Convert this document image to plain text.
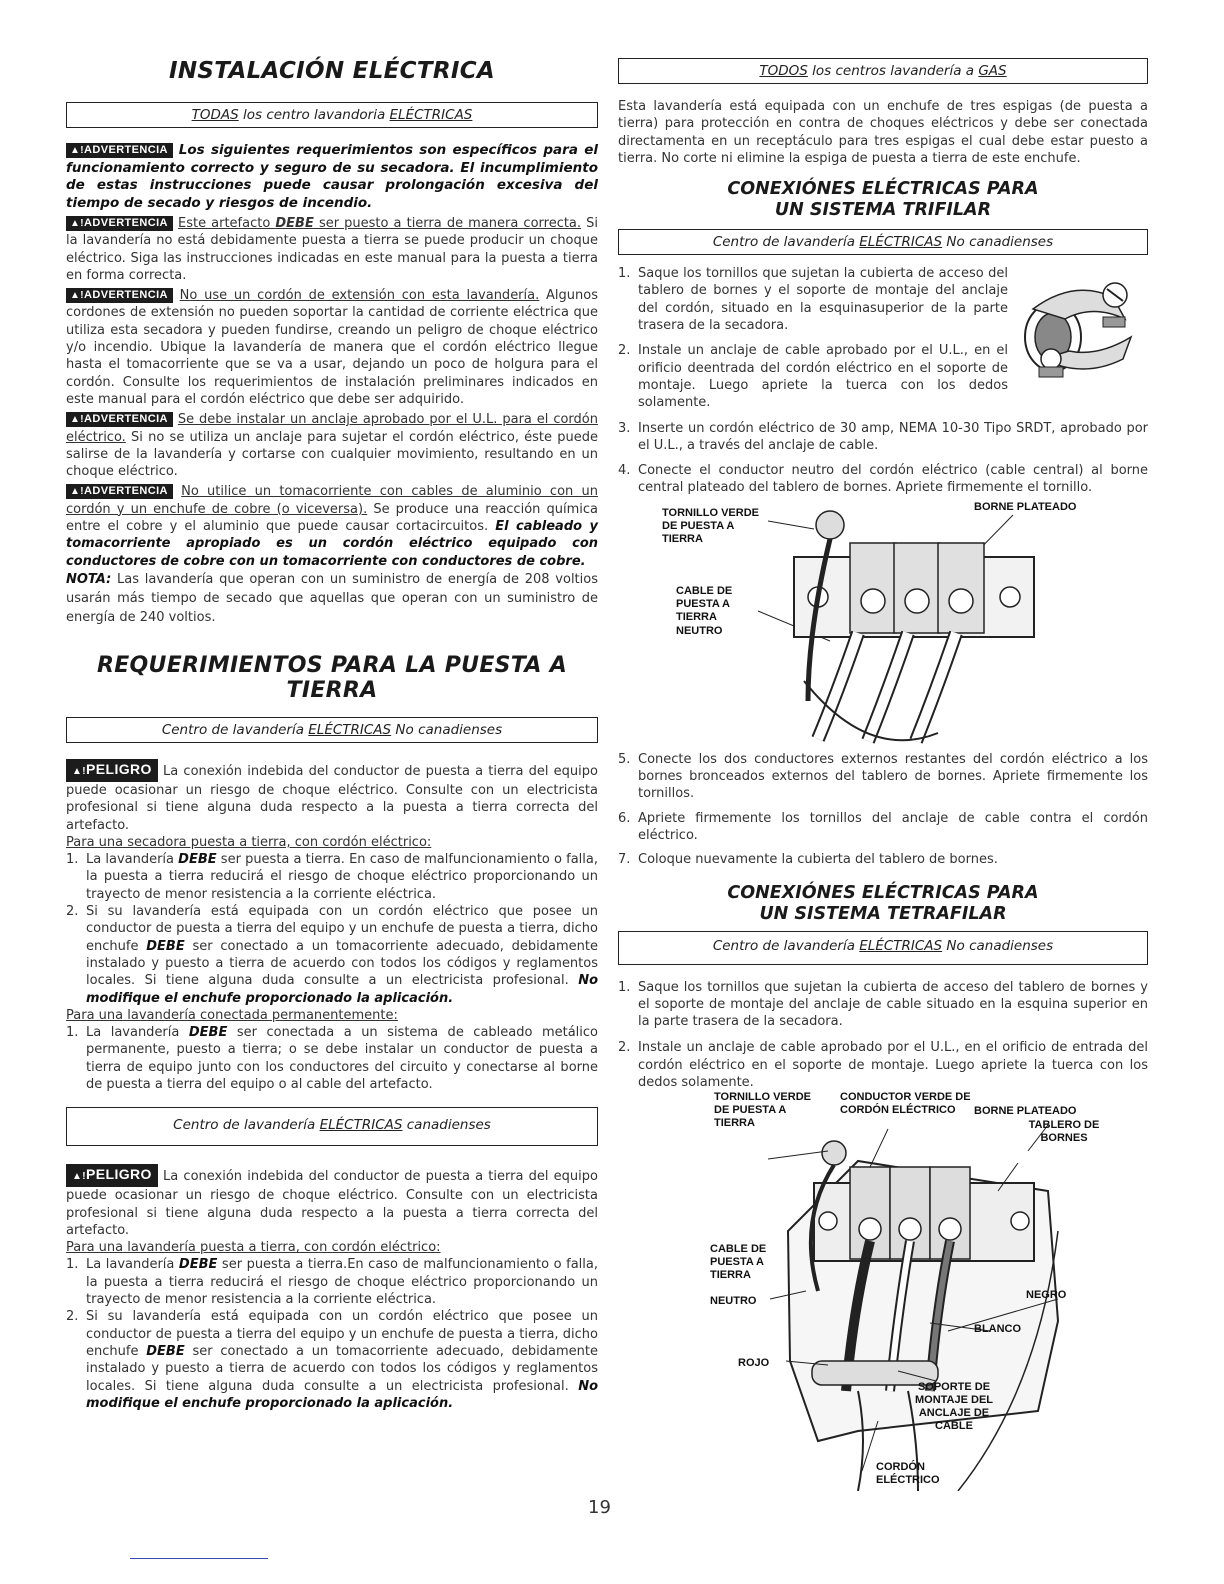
INSTALACIÓN ELÉCTRICA
TODAS los centro lavandoria ELÉCTRICAS

▲!ADVERTENCIA Los siguientes requerimientos son específicos para el funcionamiento correcto y seguro de su secadora. El incumplimiento de estas instrucciones puede causar prolongación excesiva del tiempo de secado y riesgos de incendio.

▲!ADVERTENCIA Este artefacto DEBE ser puesto a tierra de manera correcta. Si la lavandería no está debidamente puesta a tierra se puede producir un choque eléctrico. Siga las instrucciones indicadas en este manual para la puesta a tierra en forma correcta.

▲!ADVERTENCIA No use un cordón de extensión con esta lavandería. Algunos cordones de extensión no pueden soportar la cantidad de corriente eléctrica que utiliza esta secadora y pueden fundirse, creando un peligro de choque eléctrico y/o incendio. Ubique la lavandería de manera que el cordón eléctrico llegue hasta el tomacorriente que se va a usar, dejando un poco de holgura para el cordón. Consulte los requerimientos de instalación preliminares indicados en este manual para el cordón eléctrico que debe ser adquirido.

▲!ADVERTENCIA Se debe instalar un anclaje aprobado por el U.L. para el cordón eléctrico. Si no se utiliza un anclaje para sujetar el cordón eléctrico, éste puede salirse de la lavandería y cortarse con cualquier movimiento, resultando en un choque eléctrico.

▲!ADVERTENCIA No utilice un tomacorriente con cables de aluminio con un cordón y un enchufe de cobre (o viceversa). Se produce una reacción química entre el cobre y el aluminio que puede causar cortacircuitos. El cableado y tomacorriente apropiado es un cordón eléctrico equipado con conductores de cobre con un tomacorriente con conductores de cobre.

NOTA: Las lavandería que operan con un suministro de energía de 208 voltios usarán más tiempo de secado que aquellas que operan con un suministro de energía de 240 voltios.

REQUERIMIENTOS PARA LA PUESTA A TIERRA
Centro de lavandería ELÉCTRICAS No canadienses

▲!PELIGRO La conexión indebida del conductor de puesta a tierra del equipo puede ocasionar un riesgo de choque eléctrico. Consulte con un electricista profesional si tiene alguna duda respecto a la puesta a tierra correcta del artefacto.

Para una secadora puesta a tierra, con cordón eléctrico:

1. La lavandería DEBE ser puesta a tierra. En caso de malfuncionamiento o falla, la puesta a tierra reducirá el riesgo de choque eléctrico proporcionando un trayecto de menor resistencia a la corriente eléctrica.
2. Si su lavandería está equipada con un cordón eléctrico que posee un conductor de puesta a tierra del equipo y un enchufe de puesta a tierra, dicho enchufe DEBE ser conectado a un tomacorriente adecuado, debidamente instalado y puesto a tierra de acuerdo con todos los códigos y reglamentos locales. Si tiene alguna duda consulte a un electricista profesional. No modifique el enchufe proporcionado la aplicación.

Para una lavandería conectada permanentemente:

1. La lavandería DEBE ser conectada a un sistema de cableado metálico permanente, puesto a tierra; o se debe instalar un conductor de puesta a tierra de equipo junto con los conductores del circuito y conectarse al borne de puesta a tierra del equipo o al cable del artefacto.
Centro de lavandería ELÉCTRICAS canadienses

▲!PELIGRO La conexión indebida del conductor de puesta a tierra del equipo puede ocasionar un riesgo de choque eléctrico. Consulte con un electricista profesional si tiene alguna duda respecto a la puesta a tierra correcta del artefacto.

Para una lavandería puesta a tierra, con cordón eléctrico:

1. La lavandería DEBE ser puesta a tierra.En caso de malfuncionamiento o falla, la puesta a tierra reducirá el riesgo de choque eléctrico proporcionando un trayecto de menor resistencia a la corriente eléctrica.
2. Si su lavandería está equipada con un cordón eléctrico que posee un conductor de puesta a tierra del equipo y un enchufe de puesta a tierra, dicho enchufe DEBE ser conectado a un tomacorriente adecuado, debidamente instalado y puesto a tierra de acuerdo con todos los códigos y reglamentos locales. Si tiene alguna duda consulte a un electricista profesional. No modifique el enchufe proporcionado la aplicación.
TODOS los centros lavandería a GAS

Esta lavandería está equipada con un enchufe de tres espigas (de puesta a tierra) para protección en contra de choques eléctricos y debe ser conectada directamenta en un receptáculo para tres espigas el cual debe estar puesto a tierra. No corte ni elimine la espiga de puesta a tierra de este enchufe.

CONEXIÓNES ELÉCTRICAS PARA
UN SISTEMA TRIFILAR
Centro de lavandería ELÉCTRICAS No canadienses
1. Saque los tornillos que sujetan la cubierta de acceso del tablero de bornes y el soporte de montaje del anclaje del cordón, situado en la esquinasuperior de la parte trasera de la secadora.
2. Instale un anclaje de cable aprobado por el U.L., en el orificio deentrada del cordón eléctrico en el soporte de montaje. Luego apriete la tuerca con los dedos solamente.
3. Inserte un cordón eléctrico de 30 amp, NEMA 10-30 Tipo SRDT, aprobado por el U.L., a través del anclaje de cable.
4. Conecte el conductor neutro del cordón eléctrico (cable central) al borne central plateado del tablero de bornes. Apriete firmemente el tornillo.
TORNILLO VERDE DE PUESTA A TIERRA
BORNE PLATEADO
CABLE DE PUESTA A TIERRA
NEUTRO
5. Conecte los dos conductores externos restantes del cordón eléctrico a los bornes bronceados externos del tablero de bornes. Apriete firmemente los tornillos.
6. Apriete firmemente los tornillos del anclaje de cable contra el cordón eléctrico.
7. Coloque nuevamente la cubierta del tablero de bornes.
CONEXIÓNES ELÉCTRICAS PARA
UN SISTEMA TETRAFILAR
Centro de lavandería ELÉCTRICAS No canadienses
1. Saque los tornillos que sujetan la cubierta de acceso del tablero de bornes y el soporte de montaje del anclaje de cable situado en la esquina superior en la parte trasera de la secadora.
2. Instale un anclaje de cable aprobado por el U.L., en el orificio de entrada del cordón eléctrico en el soporte de montaje. Luego apriete la tuerca con los dedos solamente.
TORNILLO VERDE DE PUESTA A TIERRA
CONDUCTOR VERDE DE CORDÓN ELÉCTRICO	BORNE PLATEADO
TABLERO DE BORNES
CABLE DE PUESTA A TIERRA
NEUTRO	NEGRO
BLANCO
ROJO
SOPORTE DE MONTAJE DEL ANCLAJE DE CABLE
CORDÓN ELÉCTRICO
19
